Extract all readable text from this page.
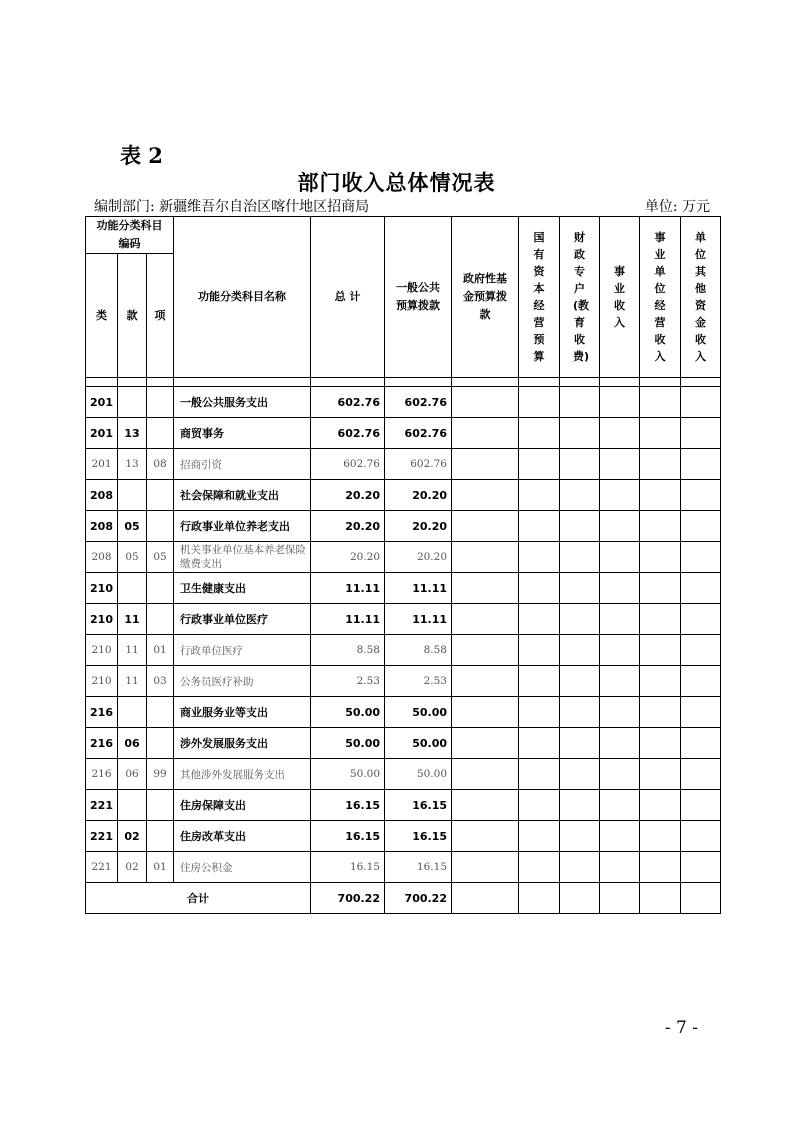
表 2
部门收入总体情况表
编制部门: 新疆维吾尔自治区喀什地区招商局	单位: 万元
功能分类科目编码			功能分类科目名称	总 计	一般公共预算拨款	政府性基金预算拨款	国有资本经营预算	财政专户(教育收费)	事业收入	事业单位经营收入	单位其他资金收入

类	款	项									

201			一般公共服务支出	602.76	602.76						
201	13		商贸事务	602.76	602.76						
201	13	08	招商引资	602.76	602.76						
208			社会保障和就业支出	20.20	20.20						
208	05		行政事业单位养老支出	20.20	20.20						
208	05	05	机关事业单位基本养老保险缴费支出	20.20	20.20						
210			卫生健康支出	11.11	11.11						
210	11		行政事业单位医疗	11.11	11.11						
210	11	01	行政单位医疗	8.58	8.58						
210	11	03	公务员医疗补助	2.53	2.53						
216			商业服务业等支出	50.00	50.00						
216	06		涉外发展服务支出	50.00	50.00						
216	06	99	其他涉外发展服务支出	50.00	50.00						
221			住房保障支出	16.15	16.15						
221	02		住房改革支出	16.15	16.15						
221	02	01	住房公积金	16.15	16.15						
合计				700.22	700.22						
- 7 -
